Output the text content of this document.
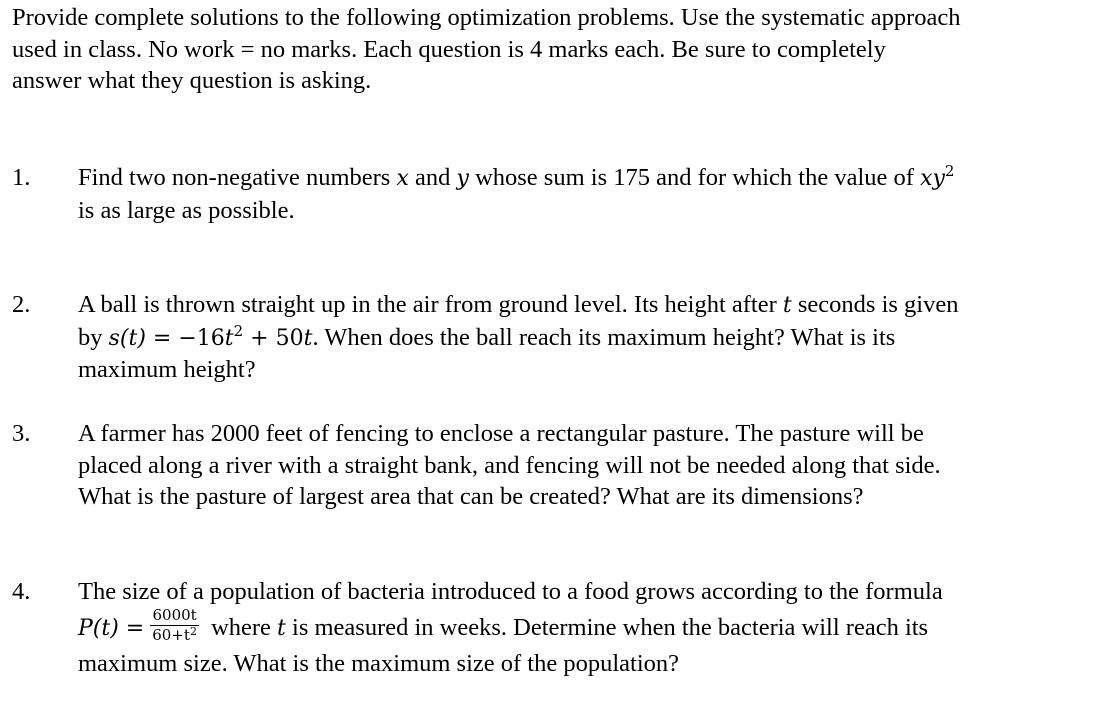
Provide complete solutions to the following optimization problems. Use the systematic approach
used in class. No work = no marks. Each question is 4 marks each. Be sure to completely
answer what they question is asking.
1. Find two non-negative numbers x and y whose sum is 175 and for which the value of $xy^2$
is as large as possible.
2. A ball is thrown straight up in the air from ground level. Its height after t seconds is given
by $s(t) = -16t^2 + 50t$. When does the ball reach its maximum height? What is its
maximum height?
3. A farmer has 2000 feet of fencing to enclose a rectangular pasture. The pasture will be
placed along a river with a straight bank, and fencing will not be needed along that side.
What is the pasture of largest area that can be created? What are its dimensions?
4. The size of a population of bacteria introduced to a food grows according to the formula
$P(t) = \frac{6000t}{60+t^2}$ where t is measured in weeks. Determine when the bacteria will reach its
maximum size. What is the maximum size of the population?
